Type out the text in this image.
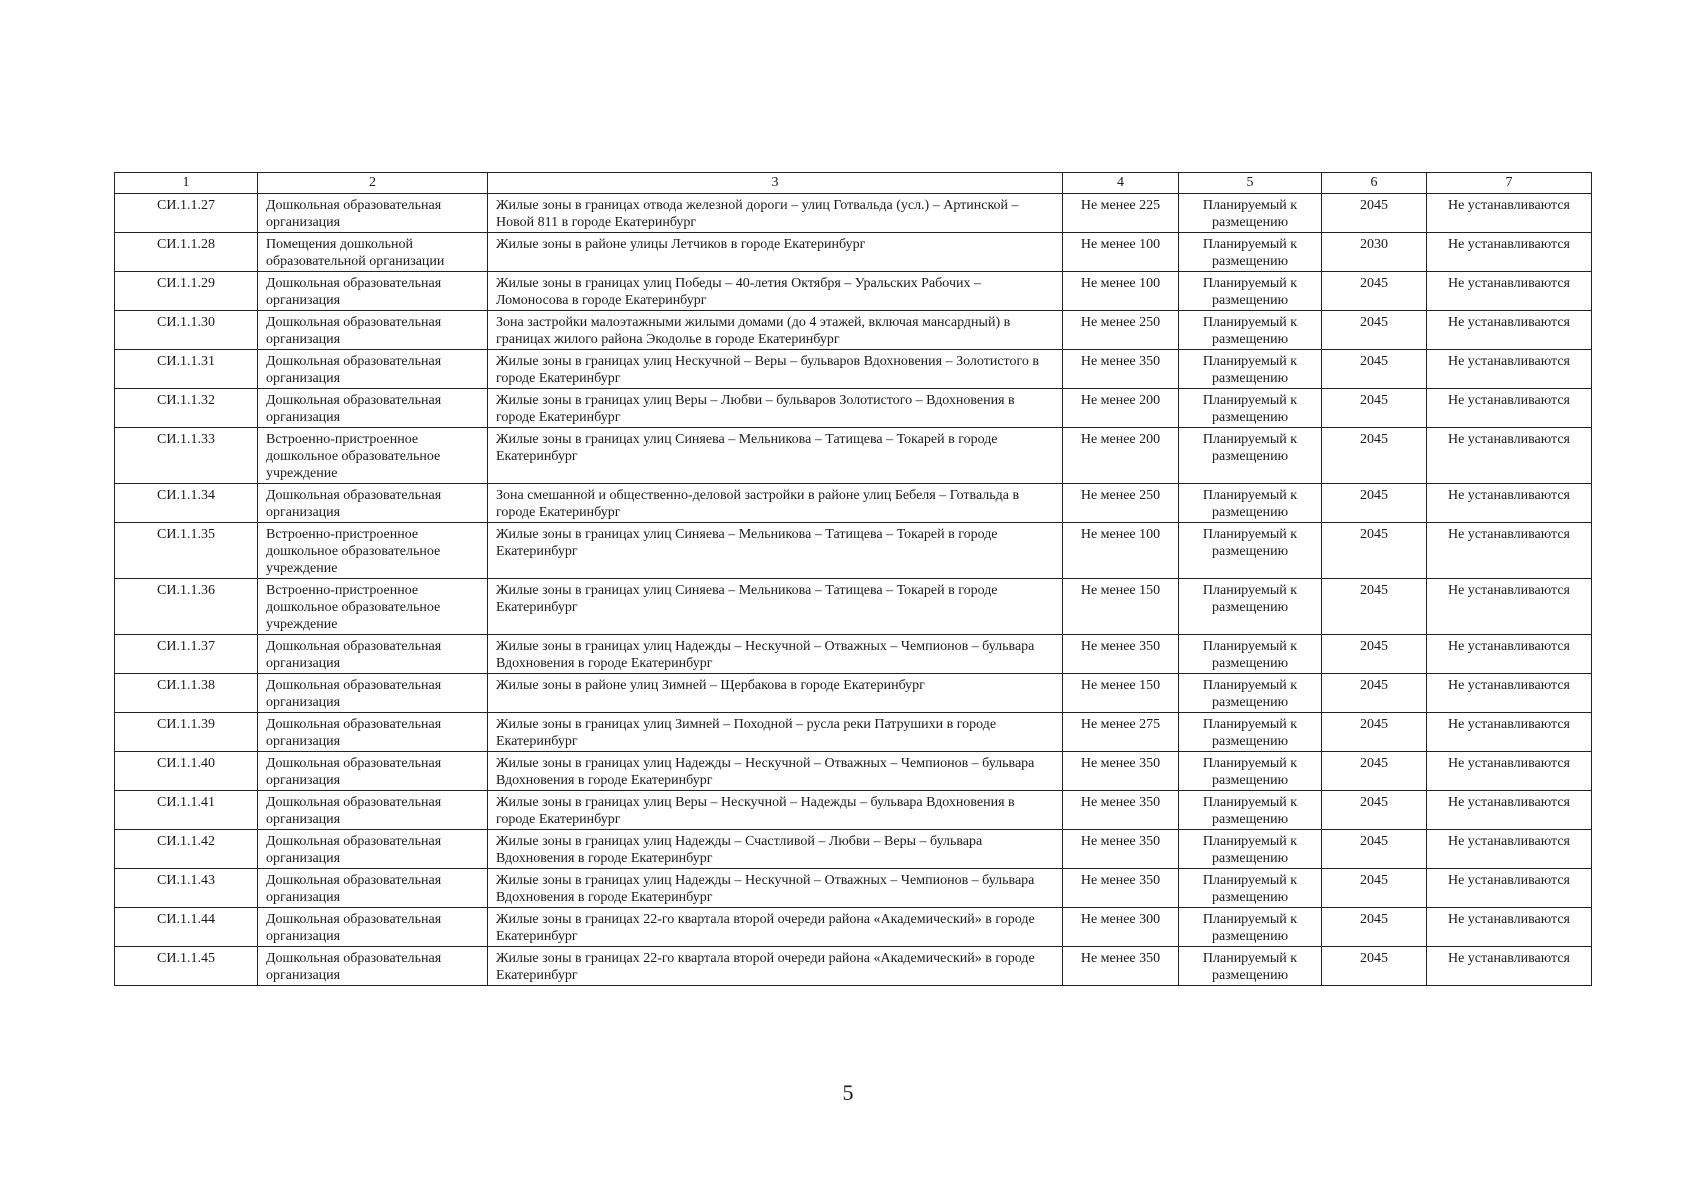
1	2	3	4	5	6	7
СИ.1.1.27	Дошкольная образовательная организация	Жилые зоны в границах отвода железной дороги – улиц Готвальда (усл.) – Артинской – Новой 811 в городе Екатеринбург	Не менее 225	Планируемый к размещению	2045	Не устанавливаются
СИ.1.1.28	Помещения дошкольной образовательной организации	Жилые зоны в районе улицы Летчиков в городе Екатеринбург	Не менее 100	Планируемый к размещению	2030	Не устанавливаются
СИ.1.1.29	Дошкольная образовательная организация	Жилые зоны в границах улиц Победы – 40-летия Октября – Уральских Рабочих – Ломоносова в городе Екатеринбург	Не менее 100	Планируемый к размещению	2045	Не устанавливаются
СИ.1.1.30	Дошкольная образовательная организация	Зона застройки малоэтажными жилыми домами (до 4 этажей, включая мансардный) в границах жилого района Экодолье в городе Екатеринбург	Не менее 250	Планируемый к размещению	2045	Не устанавливаются
СИ.1.1.31	Дошкольная образовательная организация	Жилые зоны в границах улиц Нескучной – Веры – бульваров Вдохновения – Золотистого в городе Екатеринбург	Не менее 350	Планируемый к размещению	2045	Не устанавливаются
СИ.1.1.32	Дошкольная образовательная организация	Жилые зоны в границах улиц Веры – Любви – бульваров Золотистого – Вдохновения в городе Екатеринбург	Не менее 200	Планируемый к размещению	2045	Не устанавливаются
СИ.1.1.33	Встроенно-пристроенное дошкольное образовательное учреждение	Жилые зоны в границах улиц Синяева – Мельникова – Татищева – Токарей в городе Екатеринбург	Не менее 200	Планируемый к размещению	2045	Не устанавливаются
СИ.1.1.34	Дошкольная образовательная организация	Зона смешанной и общественно-деловой застройки в районе улиц Бебеля – Готвальда в городе Екатеринбург	Не менее 250	Планируемый к размещению	2045	Не устанавливаются
СИ.1.1.35	Встроенно-пристроенное дошкольное образовательное учреждение	Жилые зоны в границах улиц Синяева – Мельникова – Татищева – Токарей в городе Екатеринбург	Не менее 100	Планируемый к размещению	2045	Не устанавливаются
СИ.1.1.36	Встроенно-пристроенное дошкольное образовательное учреждение	Жилые зоны в границах улиц Синяева – Мельникова – Татищева – Токарей в городе Екатеринбург	Не менее 150	Планируемый к размещению	2045	Не устанавливаются
СИ.1.1.37	Дошкольная образовательная организация	Жилые зоны в границах улиц Надежды – Нескучной – Отважных – Чемпионов – бульвара Вдохновения в городе Екатеринбург	Не менее 350	Планируемый к размещению	2045	Не устанавливаются
СИ.1.1.38	Дошкольная образовательная организация	Жилые зоны в районе улиц Зимней – Щербакова в городе Екатеринбург	Не менее 150	Планируемый к размещению	2045	Не устанавливаются
СИ.1.1.39	Дошкольная образовательная организация	Жилые зоны в границах улиц Зимней – Походной – русла реки Патрушихи в городе Екатеринбург	Не менее 275	Планируемый к размещению	2045	Не устанавливаются
СИ.1.1.40	Дошкольная образовательная организация	Жилые зоны в границах улиц Надежды – Нескучной – Отважных – Чемпионов – бульвара Вдохновения в городе Екатеринбург	Не менее 350	Планируемый к размещению	2045	Не устанавливаются
СИ.1.1.41	Дошкольная образовательная организация	Жилые зоны в границах улиц Веры – Нескучной – Надежды – бульвара Вдохновения в городе Екатеринбург	Не менее 350	Планируемый к размещению	2045	Не устанавливаются
СИ.1.1.42	Дошкольная образовательная организация	Жилые зоны в границах улиц Надежды – Счастливой – Любви – Веры – бульвара Вдохновения в городе Екатеринбург	Не менее 350	Планируемый к размещению	2045	Не устанавливаются
СИ.1.1.43	Дошкольная образовательная организация	Жилые зоны в границах улиц Надежды – Нескучной – Отважных – Чемпионов – бульвара Вдохновения в городе Екатеринбург	Не менее 350	Планируемый к размещению	2045	Не устанавливаются
СИ.1.1.44	Дошкольная образовательная организация	Жилые зоны в границах 22-го квартала второй очереди района «Академический» в городе Екатеринбург	Не менее 300	Планируемый к размещению	2045	Не устанавливаются
СИ.1.1.45	Дошкольная образовательная организация	Жилые зоны в границах 22-го квартала второй очереди района «Академический» в городе Екатеринбург	Не менее 350	Планируемый к размещению	2045	Не устанавливаются
5
